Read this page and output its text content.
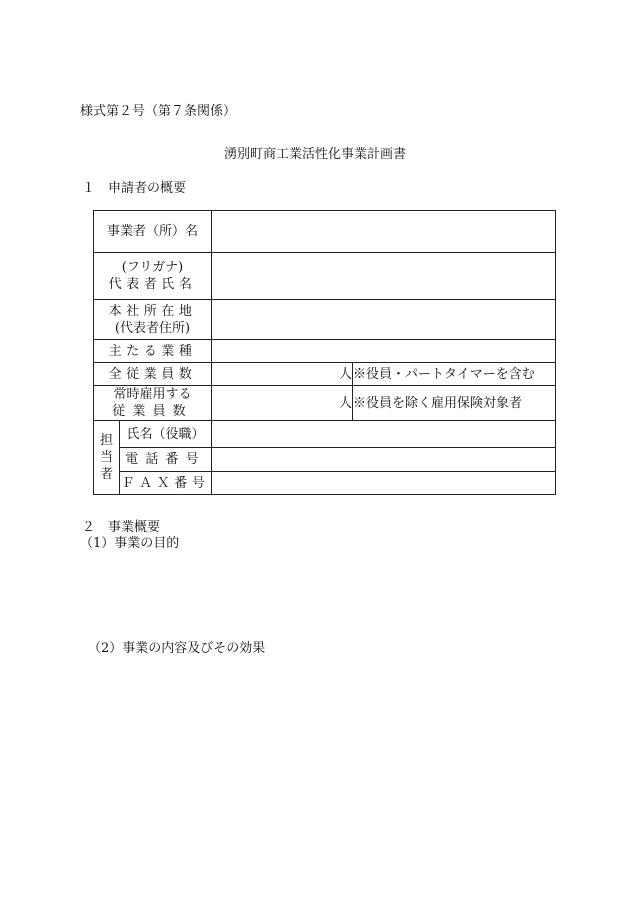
様式第２号（第７条関係）
湧別町商工業活性化事業計画書
１　申請者の概要
事業者（所）名			

(フリガナ)
代表者氏名			

本社所在地
(代表者住所)			

主たる業種			

全従業員数		人	※役員・パートタイマーを含む

常時雇用する
従業員数		人	※役員を除く雇用保険対象者

担
当
者	氏名（役職）		
	電話番号		
	ＦＡＸ番号		
２　事業概要
（1）事業の目的
（2）事業の内容及びその効果
